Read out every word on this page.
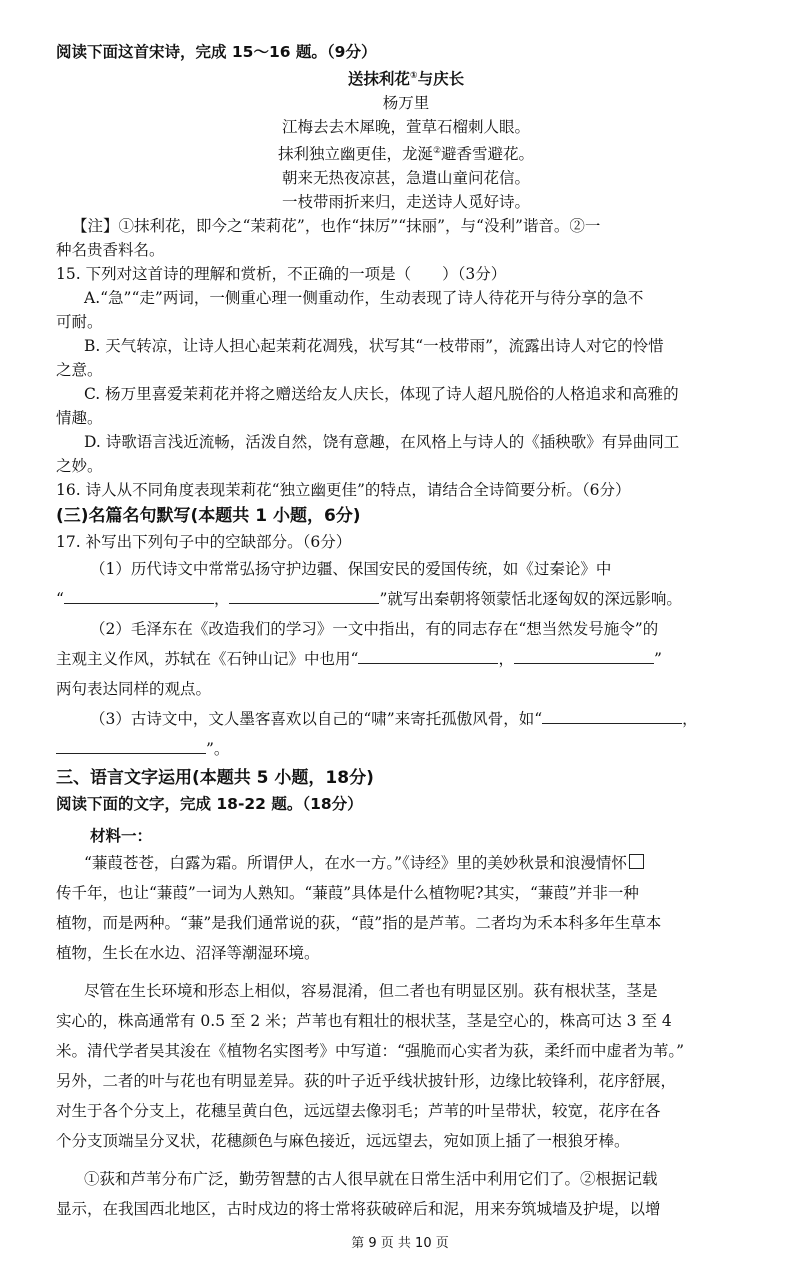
阅读下面这首宋诗，完成 15～16 题。（9分）
送抹利花①与庆长
杨万里
江梅去去木犀晚，萱草石榴刺人眼。
抹利独立幽更佳，龙涎②避香雪避花。
朝来无热夜凉甚，急遣山童问花信。
一枝带雨折来归，走送诗人觅好诗。
【注】①抹利花，即今之“茉莉花”，也作“抹厉”“抹丽”，与“没利”谐音。②一
种名贵香料名。
15. 下列对这首诗的理解和赏析，不正确的一项是（　　）（3分）
A.“急”“走”两词，一侧重心理一侧重动作，生动表现了诗人待花开与待分享的急不
可耐。
B. 天气转凉，让诗人担心起茉莉花凋残，状写其“一枝带雨”，流露出诗人对它的怜惜
之意。
C. 杨万里喜爱茉莉花并将之赠送给友人庆长，体现了诗人超凡脱俗的人格追求和高雅的
情趣。
D. 诗歌语言浅近流畅，活泼自然，饶有意趣，在风格上与诗人的《插秧歌》有异曲同工
之妙。
16. 诗人从不同角度表现茉莉花“独立幽更佳”的特点，请结合全诗简要分析。（6分）
(三)名篇名句默写(本题共 1 小题，6分)
17. 补写出下列句子中的空缺部分。（6分）
（1）历代诗文中常常弘扬守护边疆、保国安民的爱国传统，如《过秦论》中
“	，	”就写出秦朝将领蒙恬北逐匈奴的深远影响。
（2）毛泽东在《改造我们的学习》一文中指出，有的同志存在“想当然发号施令”的
主观主义作风，苏轼在《石钟山记》中也用“	，	”
两句表达同样的观点。
（3）古诗文中，文人墨客喜欢以自己的“啸”来寄托孤傲风骨，如“	，
”。
三、语言文字运用(本题共 5 小题，18分)
阅读下面的文字，完成 18-22 题。（18分）
材料一：
“蒹葭苍苍，白露为霜。所谓伊人，在水一方。”《诗经》里的美妙秋景和浪漫情怀
传千年，也让“蒹葭”一词为人熟知。“蒹葭”具体是什么植物呢?其实，“蒹葭”并非一种
植物，而是两种。“蒹”是我们通常说的荻，“葭”指的是芦苇。二者均为禾本科多年生草本
植物，生长在水边、沼泽等潮湿环境。
尽管在生长环境和形态上相似，容易混淆，但二者也有明显区别。荻有根状茎，茎是
实心的，株高通常有 0.5 至 2 米；芦苇也有粗壮的根状茎，茎是空心的，株高可达 3 至 4
米。清代学者吴其浚在《植物名实图考》中写道：“强脆而心实者为荻，柔纤而中虚者为苇。”
另外，二者的叶与花也有明显差异。荻的叶子近乎线状披针形，边缘比较锋利，花序舒展，
对生于各个分支上，花穗呈黄白色，远远望去像羽毛；芦苇的叶呈带状，较宽，花序在各
个分支顶端呈分叉状，花穗颜色与麻色接近，远远望去，宛如顶上插了一根狼牙棒。
①荻和芦苇分布广泛，勤劳智慧的古人很早就在日常生活中利用它们了。②根据记载
显示，在我国西北地区，古时戍边的将士常将荻破碎后和泥，用来夯筑城墙及护堤，以增
第 9 页 共 10 页
